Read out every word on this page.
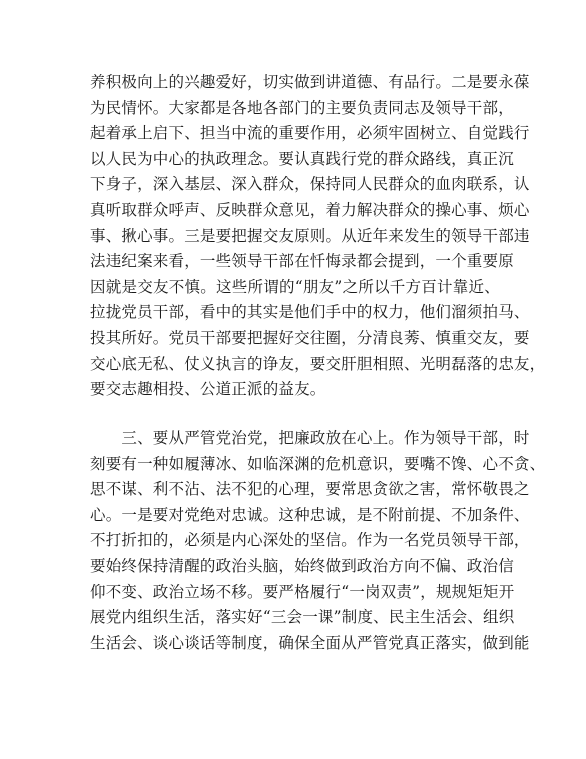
养积极向上的兴趣爱好，切实做到讲道德、有品行。二是要永葆
为民情怀。大家都是各地各部门的主要负责同志及领导干部，
起着承上启下、担当中流的重要作用，必须牢固树立、自觉践行
以人民为中心的执政理念。要认真践行党的群众路线，真正沉
下身子，深入基层、深入群众，保持同人民群众的血肉联系，认
真听取群众呼声、反映群众意见，着力解决群众的操心事、烦心
事、揪心事。三是要把握交友原则。从近年来发生的领导干部违
法违纪案来看，一些领导干部在忏悔录都会提到，一个重要原
因就是交友不慎。这些所谓的“朋友”之所以千方百计靠近、
拉拢党员干部，看中的其实是他们手中的权力，他们溜须拍马、
投其所好。党员干部要把握好交往圈，分清良莠、慎重交友，要
交心底无私、仗义执言的诤友，要交肝胆相照、光明磊落的忠友，
要交志趣相投、公道正派的益友。
　　三、要从严管党治党，把廉政放在心上。作为领导干部，时
刻要有一种如履薄冰、如临深渊的危机意识，要嘴不馋、心不贪、
思不谋、利不沾、法不犯的心理，要常思贪欲之害，常怀敬畏之
心。一是要对党绝对忠诚。这种忠诚，是不附前提、不加条件、
不打折扣的，必须是内心深处的坚信。作为一名党员领导干部，
要始终保持清醒的政治头脑，始终做到政治方向不偏、政治信
仰不变、政治立场不移。要严格履行“一岗双责”，规规矩矩开
展党内组织生活，落实好“三会一课”制度、民主生活会、组织
生活会、谈心谈话等制度，确保全面从严管党真正落实，做到能
